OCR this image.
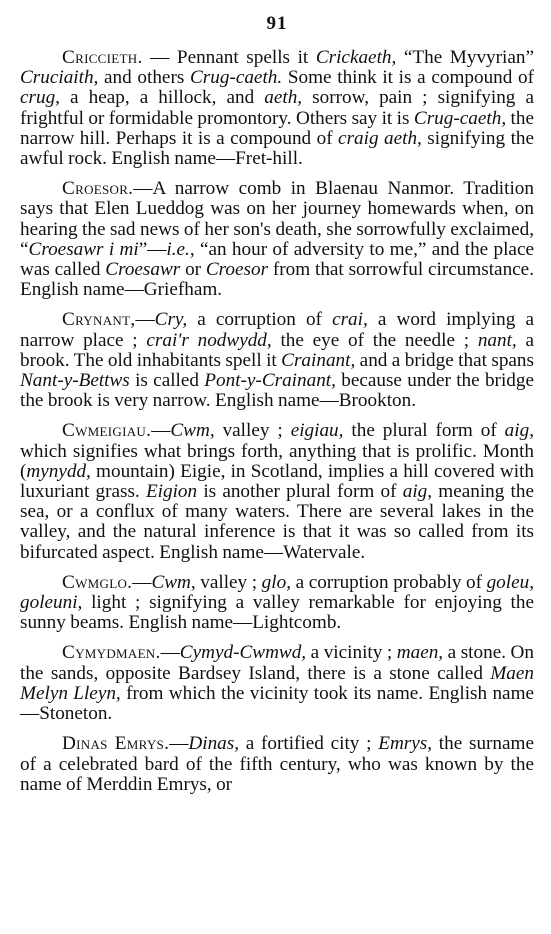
91

Criccieth. — Pennant spells it Crickaeth, “The Myvyrian” Cruciaith, and others Crug-caeth. Some think it is a compound of crug, a heap, a hillock, and aeth, sorrow, pain ; signifying a frightful or formidable promontory. Others say it is Crug-caeth, the narrow hill. Perhaps it is a compound of craig aeth, signifying the awful rock. English name—Fret-hill.

Croesor.—A narrow comb in Blaenau Nanmor. Tradition says that Elen Lueddog was on her journey homewards when, on hearing the sad news of her son's death, she sorrowfully exclaimed, “Croesawr i mi”—i.e., “an hour of adversity to me,” and the place was called Croesawr or Croesor from that sorrowful circumstance. English name—Griefham.

Crynant,—Cry, a corruption of crai, a word implying a narrow place ; crai'r nodwydd, the eye of the needle ; nant, a brook. The old inhabitants spell it Crainant, and a bridge that spans Nant-y-Bettws is called Pont-y-Crainant, because under the bridge the brook is very narrow. English name—Brookton.

Cwmeigiau.—Cwm, valley ; eigiau, the plural form of aig, which signifies what brings forth, anything that is prolific. Month (mynydd, mountain) Eigie, in Scotland, implies a hill covered with luxuriant grass. Eigion is another plural form of aig, meaning the sea, or a conflux of many waters. There are several lakes in the valley, and the natural inference is that it was so called from its bifurcated aspect. English name—Watervale.

Cwmglo.—Cwm, valley ; glo, a corruption probably of goleu, goleuni, light ; signifying a valley remarkable for enjoying the sunny beams. English name—Lightcomb.

Cymydmaen.—Cymyd-Cwmwd, a vicinity ; maen, a stone. On the sands, opposite Bardsey Island, there is a stone called Maen Melyn Lleyn, from which the vicinity took its name. English name—Stoneton.

Dinas Emrys.—Dinas, a fortified city ; Emrys, the surname of a celebrated bard of the fifth century, who was known by the name of Merddin Emrys, or
